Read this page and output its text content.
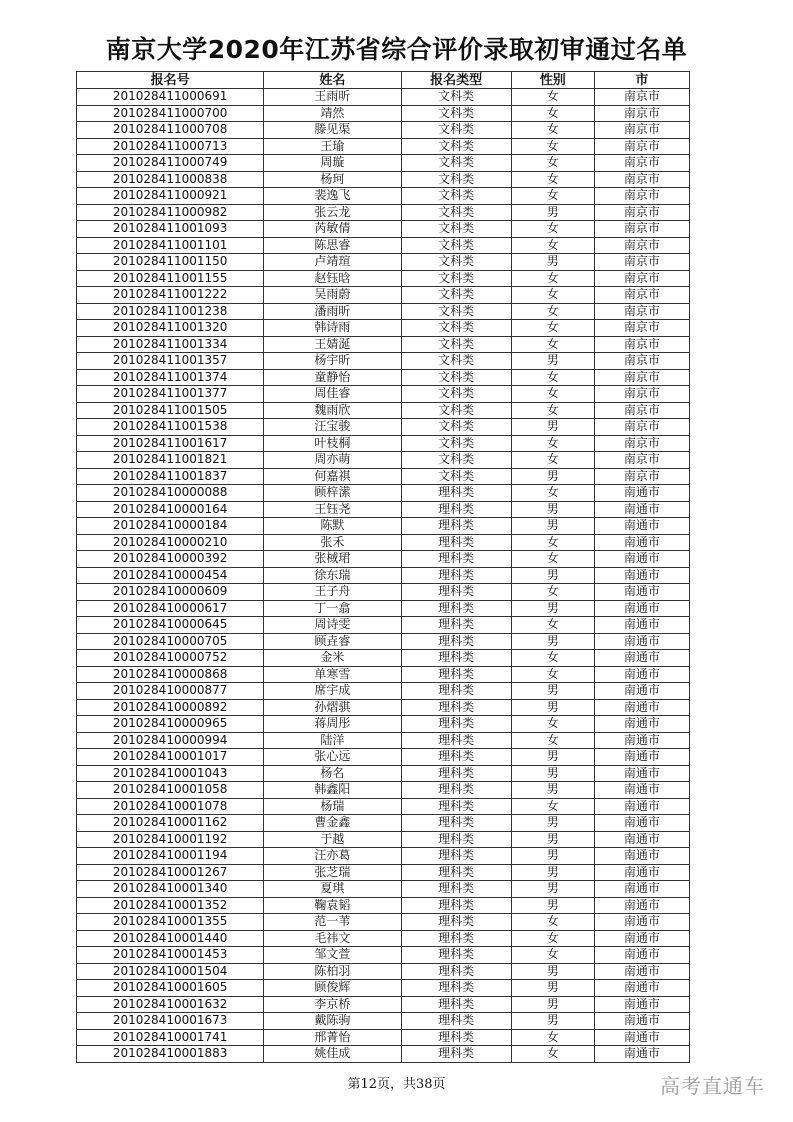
南京大学2020年江苏省综合评价录取初审通过名单
报名号	姓名	报名类型	性别	市
201028411000691	王雨昕	文科类	女	南京市
201028411000700	靖然	文科类	女	南京市
201028411000708	滕见渠	文科类	女	南京市
201028411000713	王瑜	文科类	女	南京市
201028411000749	周璇	文科类	女	南京市
201028411000838	杨珂	文科类	女	南京市
201028411000921	裴逸飞	文科类	女	南京市
201028411000982	张云龙	文科类	男	南京市
201028411001093	芮敏倩	文科类	女	南京市
201028411001101	陈思睿	文科类	女	南京市
201028411001150	卢靖瑄	文科类	男	南京市
201028411001155	赵钰晗	文科类	女	南京市
201028411001222	吴雨蔚	文科类	女	南京市
201028411001238	潘雨昕	文科类	女	南京市
201028411001320	韩诗雨	文科类	女	南京市
201028411001334	王婧涎	文科类	女	南京市
201028411001357	杨宇昕	文科类	男	南京市
201028411001374	童静怡	文科类	女	南京市
201028411001377	周佳睿	文科类	女	南京市
201028411001505	魏雨欣	文科类	女	南京市
201028411001538	汪宝骏	文科类	男	南京市
201028411001617	叶枝桐	文科类	女	南京市
201028411001821	周亦萌	文科类	女	南京市
201028411001837	何嘉祺	文科类	男	南京市
201028410000088	顾梓潆	理科类	女	南通市
201028410000164	王钰尧	理科类	男	南通市
201028410000184	陈默	理科类	男	南通市
201028410000210	张禾	理科类	女	南通市
201028410000392	张棫珺	理科类	女	南通市
201028410000454	徐东瑞	理科类	男	南通市
201028410000609	王子舟	理科类	女	南通市
201028410000617	丁一翕	理科类	男	南通市
201028410000645	周诗雯	理科类	女	南通市
201028410000705	顾垚睿	理科类	男	南通市
201028410000752	金米	理科类	女	南通市
201028410000868	单寒雪	理科类	女	南通市
201028410000877	席宇成	理科类	男	南通市
201028410000892	孙熠骐	理科类	男	南通市
201028410000965	蒋周彤	理科类	女	南通市
201028410000994	陆洋	理科类	女	南通市
201028410001017	张心远	理科类	男	南通市
201028410001043	杨名	理科类	男	南通市
201028410001058	韩鑫阳	理科类	男	南通市
201028410001078	杨瑞	理科类	女	南通市
201028410001162	曹金鑫	理科类	男	南通市
201028410001192	于越	理科类	男	南通市
201028410001194	汪亦葛	理科类	男	南通市
201028410001267	张芝瑞	理科类	男	南通市
201028410001340	夏琪	理科类	男	南通市
201028410001352	鞠袁韬	理科类	男	南通市
201028410001355	范一苇	理科类	女	南通市
201028410001440	毛祎文	理科类	女	南通市
201028410001453	邹文萱	理科类	女	南通市
201028410001504	陈柏羽	理科类	男	南通市
201028410001605	顾俊辉	理科类	男	南通市
201028410001632	李京桥	理科类	男	南通市
201028410001673	戴陈驹	理科类	男	南通市
201028410001741	邢菁怡	理科类	女	南通市
201028410001883	姚佳成	理科类	女	南通市
第12页，共38页	高考直通车
